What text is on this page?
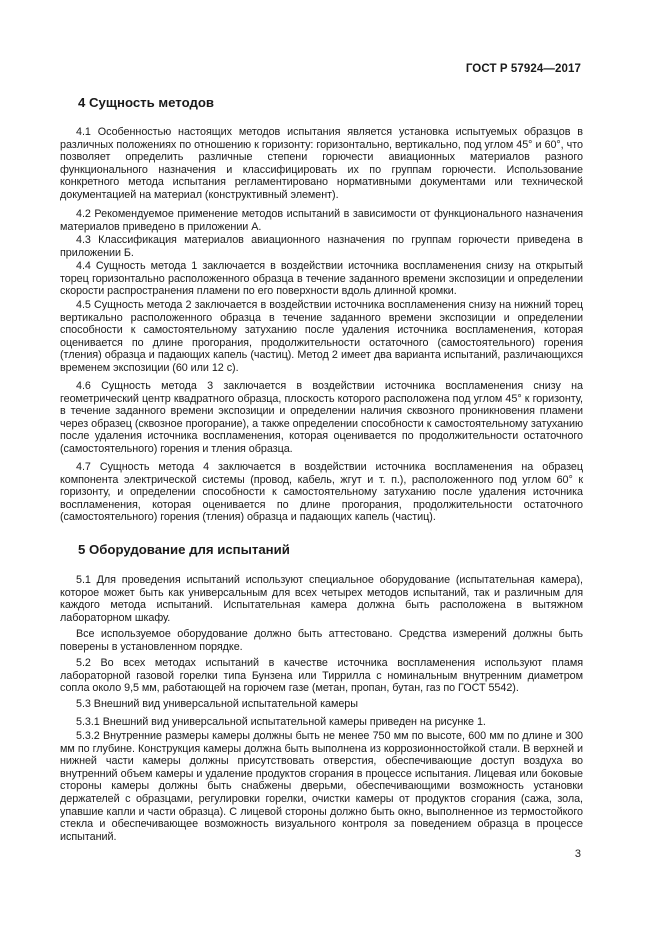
ГОСТ Р 57924—2017
4 Сущность методов

4.1 Особенностью настоящих методов испытания является установка испытуемых образцов в различных положениях по отношению к горизонту: горизонтально, вертикально, под углом 45° и 60°, что позволяет определить различные степени горючести авиационных материалов разного функционального назначения и классифицировать их по группам горючести. Использование конкретного метода испытания регламентировано нормативными документами или технической документацией на материал (конструктивный элемент).

4.2 Рекомендуемое применение методов испытаний в зависимости от функционального назначения материалов приведено в приложении А.

4.3 Классификация материалов авиационного назначения по группам горючести приведена в приложении Б.

4.4 Сущность метода 1 заключается в воздействии источника воспламенения снизу на открытый торец горизонтально расположенного образца в течение заданного времени экспозиции и определении скорости распространения пламени по его поверхности вдоль длинной кромки.

4.5 Сущность метода 2 заключается в воздействии источника воспламенения снизу на нижний торец вертикально расположенного образца в течение заданного времени экспозиции и определении способности к самостоятельному затуханию после удаления источника воспламенения, которая оценивается по длине прогорания, продолжительности остаточного (самостоятельного) горения (тления) образца и падающих капель (частиц). Метод 2 имеет два варианта испытаний, различающихся временем экспозиции (60 или 12 с).

4.6 Сущность метода 3 заключается в воздействии источника воспламенения снизу на геометрический центр квадратного образца, плоскость которого расположена под углом 45° к горизонту, в течение заданного времени экспозиции и определении наличия сквозного проникновения пламени через образец (сквозное прогорание), а также определении способности к самостоятельному затуханию после удаления источника воспламенения, которая оценивается по продолжительности остаточного (самостоятельного) горения и тления образца.

4.7 Сущность метода 4 заключается в воздействии источника воспламенения на образец компонента электрической системы (провод, кабель, жгут и т. п.), расположенного под углом 60° к горизонту, и определении способности к самостоятельному затуханию после удаления источника воспламенения, которая оценивается по длине прогорания, продолжительности остаточного (самостоятельного) горения (тления) образца и падающих капель (частиц).

5 Оборудование для испытаний

5.1 Для проведения испытаний используют специальное оборудование (испытательная камера), которое может быть как универсальным для всех четырех методов испытаний, так и различным для каждого метода испытаний. Испытательная камера должна быть расположена в вытяжном лабораторном шкафу.

Все используемое оборудование должно быть аттестовано. Средства измерений должны быть поверены в установленном порядке.

5.2 Во всех методах испытаний в качестве источника воспламенения используют пламя лабораторной газовой горелки типа Бунзена или Тиррилла с номинальным внутренним диаметром сопла около 9,5 мм, работающей на горючем газе (метан, пропан, бутан, газ по ГОСТ 5542).

5.3 Внешний вид универсальной испытательной камеры

5.3.1 Внешний вид универсальной испытательной камеры приведен на рисунке 1.

5.3.2 Внутренние размеры камеры должны быть не менее 750 мм по высоте, 600 мм по длине и 300 мм по глубине. Конструкция камеры должна быть выполнена из коррозионностойкой стали. В верхней и нижней части камеры должны присутствовать отверстия, обеспечивающие доступ воздуха во внутренний объем камеры и удаление продуктов сгорания в процессе испытания. Лицевая или боковые стороны камеры должны быть снабжены дверьми, обеспечивающими возможность установки держателей с образцами, регулировки горелки, очистки камеры от продуктов сгорания (сажа, зола, упавшие капли и части образца). С лицевой стороны должно быть окно, выполненное из термостойкого стекла и обеспечивающее возможность визуального контроля за поведением образца в процессе испытаний.

3
